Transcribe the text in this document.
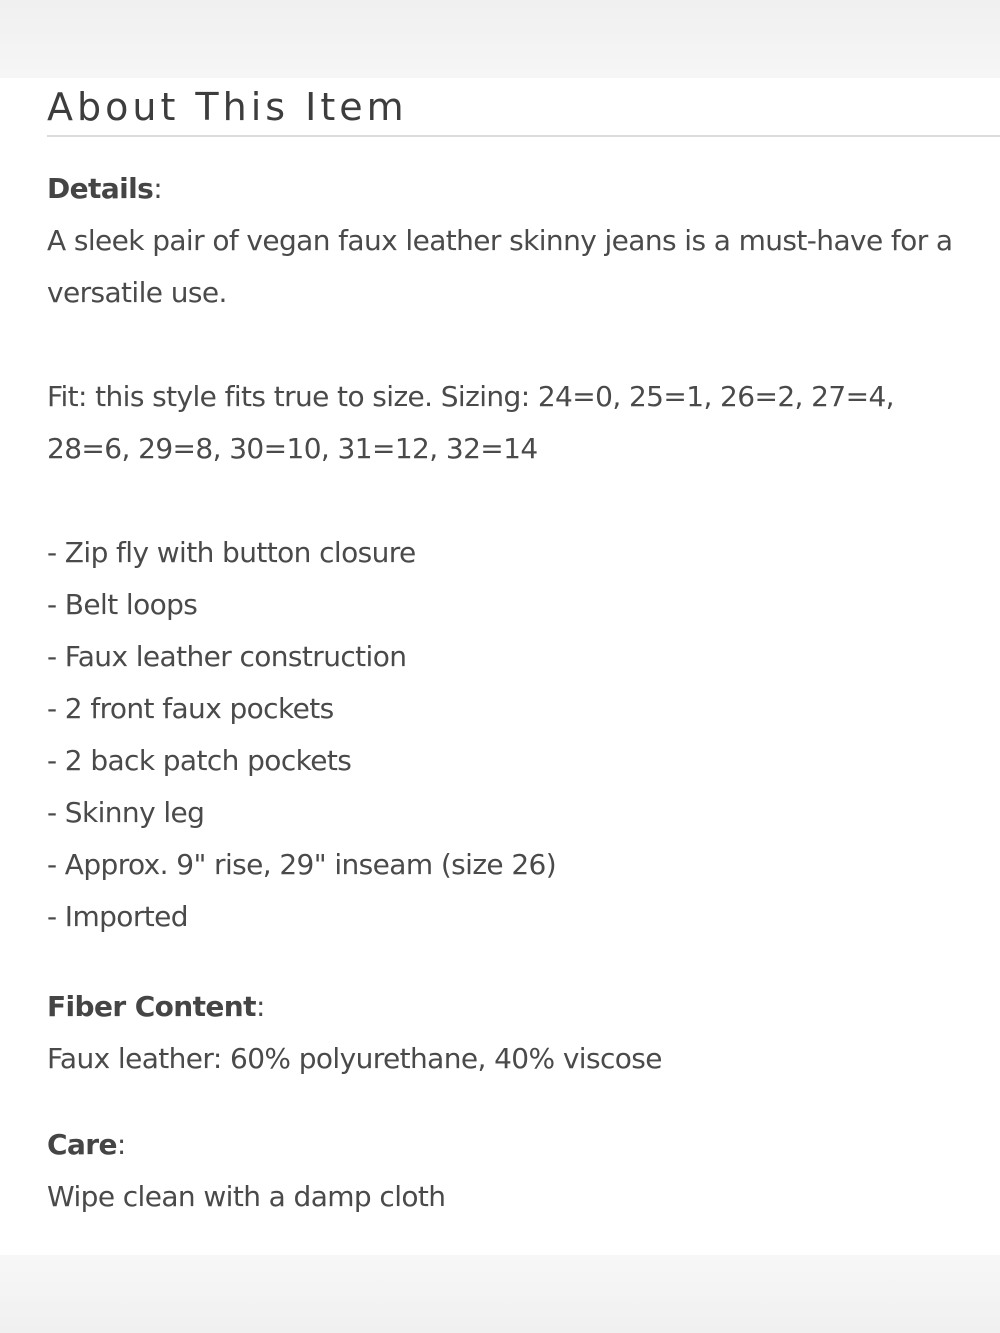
About This Item

Details:

A sleek pair of vegan faux leather skinny jeans is a must-have for a versatile use.

Fit: this style fits true to size. Sizing: 24=0, 25=1, 26=2, 27=4, 28=6, 29=8, 30=10, 31=12, 32=14

- Zip fly with button closure
- Belt loops
- Faux leather construction
- 2 front faux pockets
- 2 back patch pockets
- Skinny leg
- Approx. 9" rise, 29" inseam (size 26)
- Imported

Fiber Content:

Faux leather: 60% polyurethane, 40% viscose

Care:

Wipe clean with a damp cloth
